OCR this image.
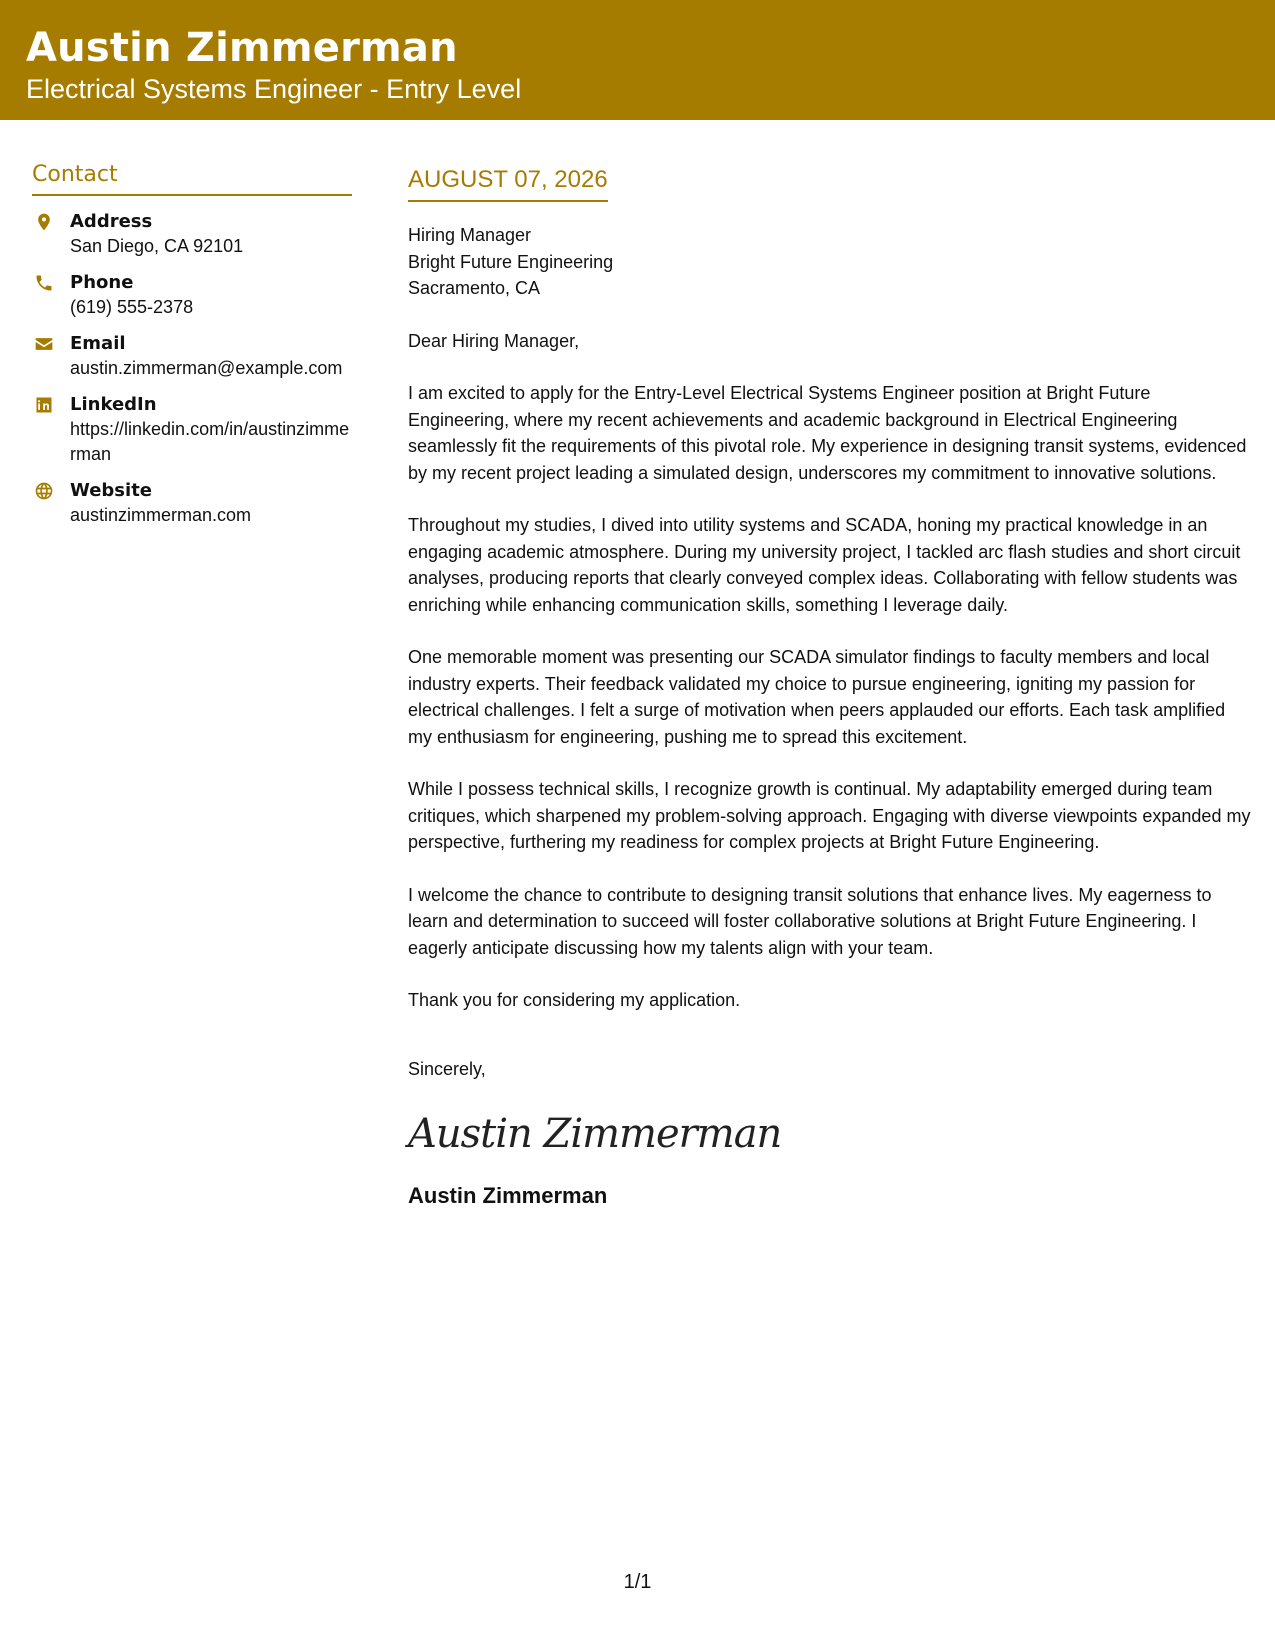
Austin Zimmerman
Electrical Systems Engineer - Entry Level
Contact
Address
San Diego, CA 92101
Phone
(619) 555-2378
Email
austin.zimmerman@example.com
LinkedIn
https://linkedin.com/in/austinzimmerman
Website
austinzimmerman.com
AUGUST 07, 2026
Hiring Manager
Bright Future Engineering
Sacramento, CA

Dear Hiring Manager,

I am excited to apply for the Entry-Level Electrical Systems Engineer position at Bright Future Engineering, where my recent achievements and academic background in Electrical Engineering seamlessly fit the requirements of this pivotal role. My experience in designing transit systems, evidenced by my recent project leading a simulated design, underscores my commitment to innovative solutions.

Throughout my studies, I dived into utility systems and SCADA, honing my practical knowledge in an engaging academic atmosphere. During my university project, I tackled arc flash studies and short circuit analyses, producing reports that clearly conveyed complex ideas. Collaborating with fellow students was enriching while enhancing communication skills, something I leverage daily.

One memorable moment was presenting our SCADA simulator findings to faculty members and local industry experts. Their feedback validated my choice to pursue engineering, igniting my passion for electrical challenges. I felt a surge of motivation when peers applauded our efforts. Each task amplified my enthusiasm for engineering, pushing me to spread this excitement.

While I possess technical skills, I recognize growth is continual. My adaptability emerged during team critiques, which sharpened my problem-solving approach. Engaging with diverse viewpoints expanded my perspective, furthering my readiness for complex projects at Bright Future Engineering.

I welcome the chance to contribute to designing transit solutions that enhance lives. My eagerness to learn and determination to succeed will foster collaborative solutions at Bright Future Engineering. I eagerly anticipate discussing how my talents align with your team.

Thank you for considering my application.

Sincerely,
Austin Zimmerman
Austin Zimmerman
1/1
